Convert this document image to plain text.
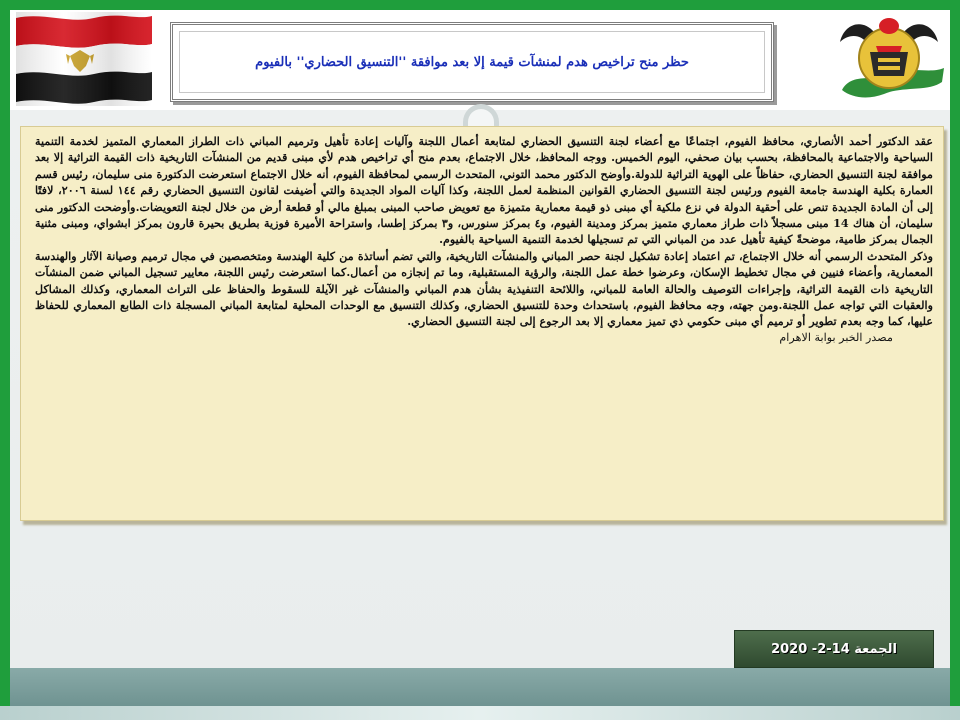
حظر منح تراخيص هدم لمنشآت قيمة إلا بعد موافقة ''التنسيق الحضاري'' بالفيوم

عقد الدكتور أحمد الأنصاري، محافظ الفيوم، اجتماعًا مع أعضاء لجنة التنسيق الحضاري لمتابعة أعمال اللجنة وآليات إعادة تأهيل وترميم المباني ذات الطراز المعماري المتميز لخدمة التنمية السياحية والاجتماعية بالمحافظة، بحسب بيان صحفي، اليوم الخميس. ووجه المحافظ، خلال الاجتماع، بعدم منح أي تراخيص هدم لأي مبنى قديم من المنشآت التاريخية ذات القيمة التراثية إلا بعد موافقة لجنة التنسيق الحضاري، حفاظاً على الهوية التراثية للدولة.وأوضح الدكتور محمد التوني، المتحدث الرسمي لمحافظة الفيوم، أنه خلال الاجتماع استعرضت الدكتورة منى سليمان، رئيس قسم العمارة بكلية الهندسة جامعة الفيوم ورئيس لجنة التنسيق الحضاري القوانين المنظمة لعمل اللجنة، وكذا آليات المواد الجديدة والتي أضيفت لقانون التنسيق الحضاري رقم ١٤٤ لسنة ٢٠٠٦، لافتًا إلى أن المادة الجديدة تنص على أحقية الدولة في نزع ملكية أي مبنى ذو قيمة معمارية متميزة مع تعويض صاحب المبنى بمبلغ مالي أو قطعة أرض من خلال لجنة التعويضات.وأوضحت الدكتور منى سليمان، أن هناك 14 مبنى مسجلاً ذات طراز معماري متميز بمركز ومدينة الفيوم، و٤ بمركز سنورس، و٣ بمركز إطسا، واستراحة الأميرة فوزية بطريق بحيرة قارون بمركز ابشواي، ومبنى مثنية الجمال بمركز طامية، موضحةً كيفية تأهيل عدد من المباني التي تم تسجيلها لخدمة التنمية السياحية بالفيوم.

وذكر المتحدث الرسمي أنه خلال الاجتماع، تم اعتماد إعادة تشكيل لجنة حصر المباني والمنشآت التاريخية، والتي تضم أساتذة من كلية الهندسة ومتخصصين في مجال ترميم وصيانة الآثار والهندسة المعمارية، وأعضاء فنيين في مجال تخطيط الإسكان، وعرضوا خطة عمل اللجنة، والرؤية المستقبلية، وما تم إنجازه من أعمال.كما استعرضت رئيس اللجنة، معايير تسجيل المباني ضمن المنشآت التاريخية ذات القيمة التراثية، وإجراءات التوصيف والحالة العامة للمباني، واللائحة التنفيذية بشأن هدم المباني والمنشآت غير الآيلة للسقوط والحفاظ على التراث المعماري، وكذلك المشاكل والعقبات التي تواجه عمل اللجنة.ومن جهته، وجه محافظ الفيوم، باستحداث وحدة للتنسيق الحضاري، وكذلك التنسيق مع الوحدات المحلية لمتابعة المباني المسجلة ذات الطابع المعماري للحفاظ عليها، كما وجه بعدم تطوير أو ترميم أي مبنى حكومي ذي تميز معماري إلا بعد الرجوع إلى لجنة التنسيق الحضاري.

مصدر الخبر بوابة الاهرام

الجمعة 14-2- 2020
